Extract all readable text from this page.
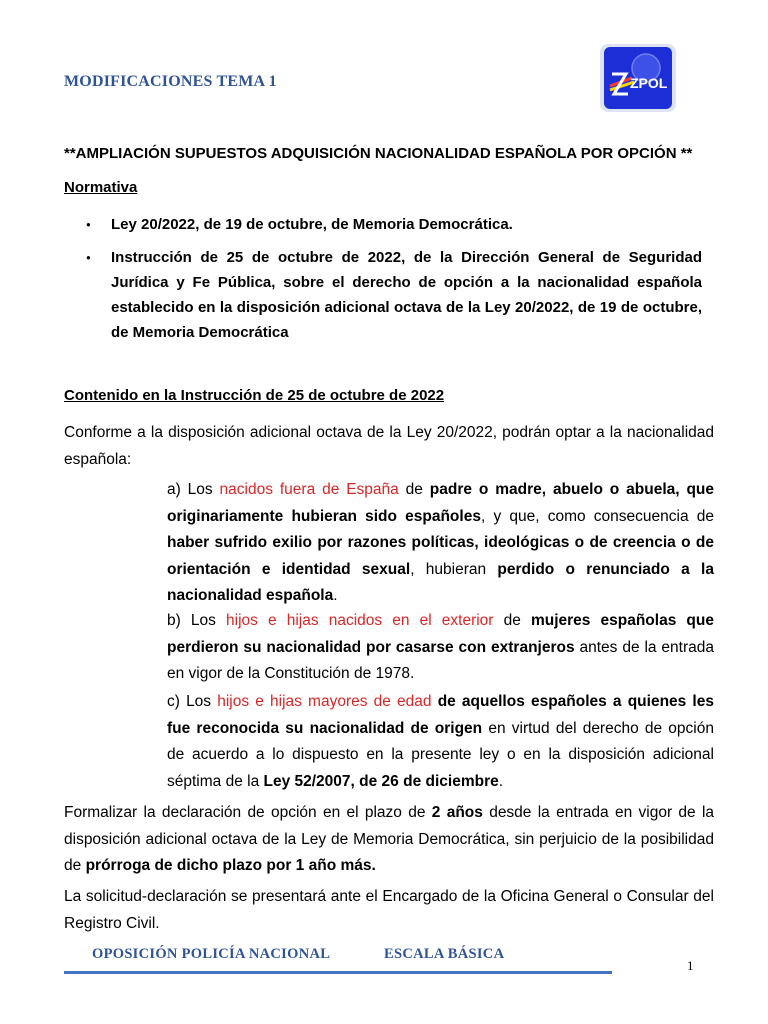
MODIFICACIONES TEMA 1	ZPOL
**AMPLIACIÓN SUPUESTOS ADQUISICIÓN NACIONALIDAD ESPAÑOLA POR OPCIÓN **
Normativa
● Ley 20/2022, de 19 de octubre, de Memoria Democrática.
● Instrucción de 25 de octubre de 2022, de la Dirección General de Seguridad Jurídica y Fe Pública, sobre el derecho de opción a la nacionalidad española establecido en la disposición adicional octava de la Ley 20/2022, de 19 de octubre, de Memoria Democrática
Contenido en la Instrucción de 25 de octubre de 2022
Conforme a la disposición adicional octava de la Ley 20/2022, podrán optar a la nacionalidad española:
a) Los nacidos fuera de España de padre o madre, abuelo o abuela, que originariamente hubieran sido españoles, y que, como consecuencia de haber sufrido exilio por razones políticas, ideológicas o de creencia o de orientación e identidad sexual, hubieran perdido o renunciado a la nacionalidad española.
b) Los hijos e hijas nacidos en el exterior de mujeres españolas que perdieron su nacionalidad por casarse con extranjeros antes de la entrada en vigor de la Constitución de 1978.
c) Los hijos e hijas mayores de edad de aquellos españoles a quienes les fue reconocida su nacionalidad de origen en virtud del derecho de opción de acuerdo a lo dispuesto en la presente ley o en la disposición adicional séptima de la Ley 52/2007, de 26 de diciembre.
Formalizar la declaración de opción en el plazo de 2 años desde la entrada en vigor de la disposición adicional octava de la Ley de Memoria Democrática, sin perjuicio de la posibilidad de prórroga de dicho plazo por 1 año más.
La solicitud-declaración se presentará ante el Encargado de la Oficina General o Consular del Registro Civil.
OPOSICIÓN POLICÍA NACIONAL	ESCALA BÁSICA
1
